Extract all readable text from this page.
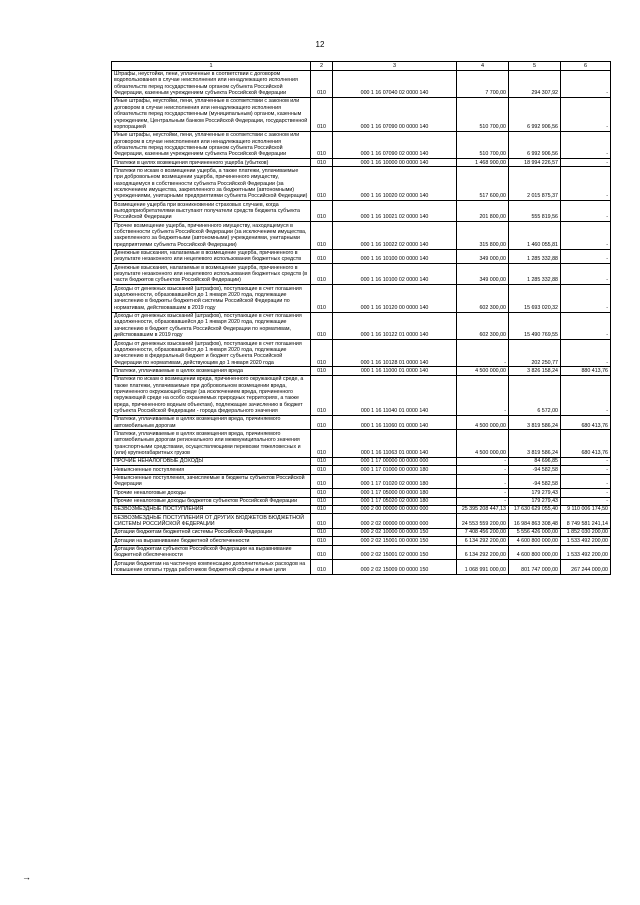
12
1	2	3	4	5	6
Штрафы, неустойки, пени, уплаченные в соответствии с договором водопользования в случае неисполнения или ненадлежащего исполнения обязательств перед государственным органом субъекта Российской Федерации, казенным учреждением субъекта Российской Федерации	010	000 1 16 07040 02 0000 140	7 700,00	294 307,92	-
Иные штрафы, неустойки, пени, уплаченные в соответствии с законом или договором в случае неисполнения или ненадлежащего исполнения обязательств перед государственным (муниципальным) органом, казенным учреждением, Центральным банком Российской Федерации, государственной корпорацией	010	000 1 16 07090 00 0000 140	510 700,00	6 992 906,56	-
Иные штрафы, неустойки, пени, уплаченные в соответствии с законом или договором в случае неисполнения или ненадлежащего исполнения обязательств перед государственным органом субъекта Российской Федерации, казенным учреждением субъекта Российской Федерации	010	000 1 16 07090 02 0000 140	510 700,00	6 992 906,56	-
Платежи в целях возмещения причиненного ущерба (убытков)	010	000 1 16 10000 00 0000 140	1 468 900,00	18 994 226,57	-
Платежи по искам о возмещении ущерба, а также платежи, уплачиваемые при добровольном возмещении ущерба, причиненного имуществу, находящемуся в собственности субъекта Российской Федерации (за исключением имущества, закрепленного за бюджетными (автономными) учреждениями, унитарными предприятиями субъекта Российской Федерации)	010	000 1 16 10020 02 0000 140	517 600,00	2 015 875,37	-
Возмещение ущерба при возникновении страховых случаев, когда выгодоприобретателями выступают получатели средств бюджета субъекта Российской Федерации	010	000 1 16 10021 02 0000 140	201 800,00	555 819,56	-
Прочее возмещение ущерба, причиненного имуществу, находящемуся в собственности субъекта Российской Федерации (за исключением имущества, закрепленного за бюджетными (автономными) учреждениями, унитарными предприятиями субъекта Российской Федерации)	010	000 1 16 10022 02 0000 140	315 800,00	1 460 055,81	-
Денежные взыскания, налагаемые в возмещение ущерба, причиненного в результате незаконного или нецелевого использования бюджетных средств	010	000 1 16 10100 00 0000 140	349 000,00	1 285 332,88	-
Денежные взыскания, налагаемые в возмещение ущерба, причиненного в результате незаконного или нецелевого использования бюджетных средств (в части бюджетов субъектов Российской Федерации)	010	000 1 16 10100 02 0000 140	349 000,00	1 285 332,88	-
Доходы от денежных взысканий (штрафов), поступающие в счет погашения задолженности, образовавшейся до 1 января 2020 года, подлежащие зачислению в бюджеты бюджетной системы Российской Федерации по нормативам, действовавшим в 2019 году	010	000 1 16 10120 00 0000 140	602 300,00	15 693 020,32	-
Доходы от денежных взысканий (штрафов), поступающие в счет погашения задолженности, образовавшейся до 1 января 2020 года, подлежащие зачислению в бюджет субъекта Российской Федерации по нормативам, действовавшим в 2019 году	010	000 1 16 10122 01 0000 140	602 300,00	15 490 769,55	-
Доходы от денежных взысканий (штрафов), поступающие в счет погашения задолженности, образовавшейся до 1 января 2020 года, подлежащие зачислению в федеральный бюджет и бюджет субъекта Российской Федерации по нормативам, действующим до 1 января 2020 года	010	000 1 16 10128 01 0000 140	-	202 250,77	-
Платежи, уплачиваемые в целях возмещения вреда	010	000 1 16 11000 01 0000 140	4 500 000,00	3 826 158,24	880 413,76
Платежи по искам о возмещении вреда, причиненного окружающей среде, а также платежи, уплачиваемые при добровольном возмещении вреда, причиненного окружающей среде (за исключением вреда, причиненного окружающей среде на особо охраняемых природных территориях, а также вреда, причиненного водным объектам), подлежащие зачислению в бюджет субъекта Российской Федерации - города федерального значения	010	000 1 16 11040 01 0000 140	-	6 572,00	-
Платежи, уплачиваемые в целях возмещения вреда, причиняемого автомобильным дорогам	010	000 1 16 11060 01 0000 140	4 500 000,00	3 819 586,24	680 413,76
Платежи, уплачиваемые в целях возмещения вреда, причиняемого автомобильным дорогам регионального или межмуниципального значения транспортными средствами, осуществляющими перевозки тяжеловесных и (или) крупногабаритных грузов	010	000 1 16 11063 01 0000 140	4 500 000,00	3 819 586,24	680 413,76
ПРОЧИЕ НЕНАЛОГОВЫЕ ДОХОДЫ	010	000 1 17 00000 00 0000 000	-	84 696,85	-
Невыясненные поступления	010	000 1 17 01000 00 0000 180	-	-94 582,58	-
Невыясненные поступления, зачисляемые в бюджеты субъектов Российской Федерации	010	000 1 17 01020 02 0000 180	-	-94 582,58	-
Прочие неналоговые доходы	010	000 1 17 05000 00 0000 180	-	179 279,43	-
Прочие неналоговые доходы бюджетов субъектов Российской Федерации	010	000 1 17 05020 02 0000 180	-	179 279,43	-
БЕЗВОЗМЕЗДНЫЕ ПОСТУПЛЕНИЯ	010	000 2 00 00000 00 0000 000	25 395 208 447,13	17 630 629 055,40	9 110 006 174,50
БЕЗВОЗМЕЗДНЫЕ ПОСТУПЛЕНИЯ ОТ ДРУГИХ БЮДЖЕТОВ БЮДЖЕТНОЙ СИСТЕМЫ РОССИЙСКОЙ ФЕДЕРАЦИИ	010	000 2 02 00000 00 0000 000	24 553 559 200,00	16 984 863 308,48	8 749 581 241,14
Дотации бюджетам бюджетной системы Российской Федерации	010	000 2 02 10000 00 0000 150	7 408 456 200,00	5 556 426 000,00	1 852 030 200,00
Дотации на выравнивание бюджетной обеспеченности	010	000 2 02 15001 00 0000 150	6 134 292 200,00	4 600 800 000,00	1 533 492 200,00
Дотации бюджетам субъектов Российской Федерации на выравнивание бюджетной обеспеченности	010	000 2 02 15001 02 0000 150	6 134 292 200,00	4 600 800 000,00	1 533 492 200,00
Дотации бюджетам на частичную компенсацию дополнительных расходов на повышение оплаты труда работников бюджетной сферы и иные цели	010	000 2 02 15009 00 0000 150	1 068 991 000,00	801 747 000,00	267 244 000,00
→
